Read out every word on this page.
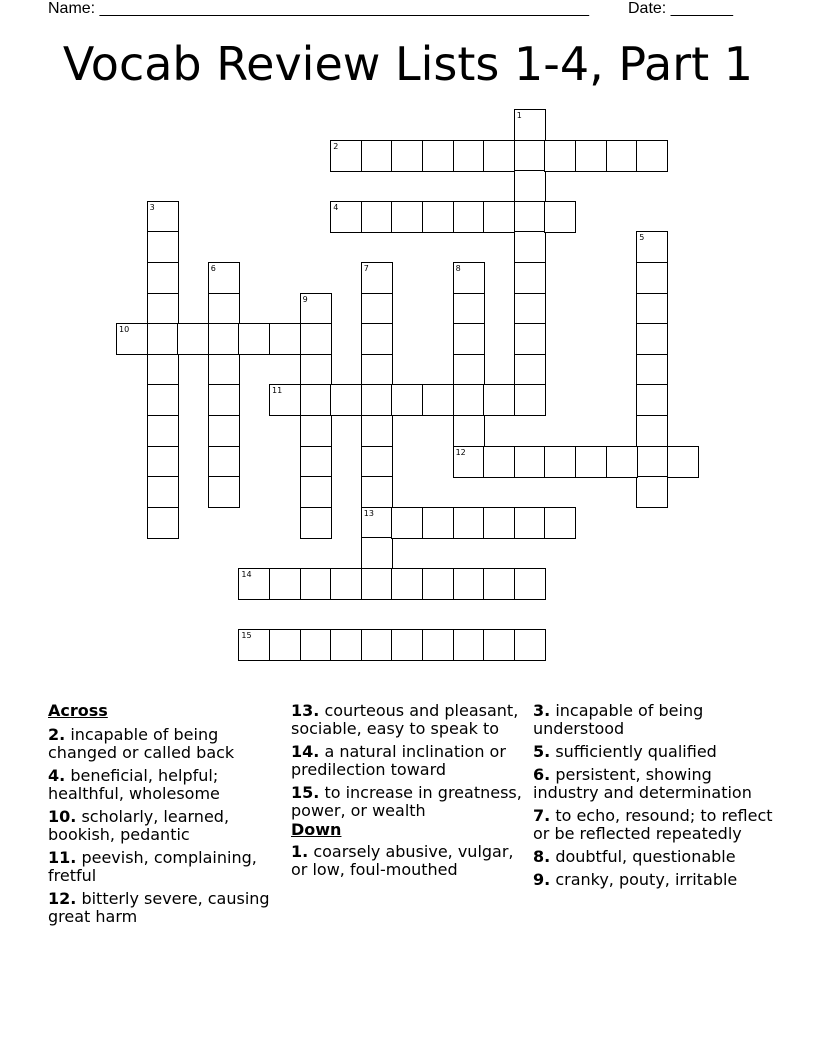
Name: _______________________________________________________ Date: _______
Vocab Review Lists 1-4, Part 1
1
2
3	4
5
6	7
13
8
12
9
10
11
14
15
Across
2. incapable of being changed or called back
4. beneficial, helpful; healthful, wholesome
10. scholarly, learned, bookish, pedantic
11. peevish, complaining, fretful
12. bitterly severe, causing great harm
13. courteous and pleasant, sociable, easy to speak to
14. a natural inclination or predilection toward
15. to increase in greatness, power, or wealth
Down
1. coarsely abusive, vulgar, or low, foul-mouthed
3. incapable of being understood
5. sufficiently qualified
6. persistent, showing industry and determination
7. to echo, resound; to reflect or be reflected repeatedly
8. doubtful, questionable
9. cranky, pouty, irritable
